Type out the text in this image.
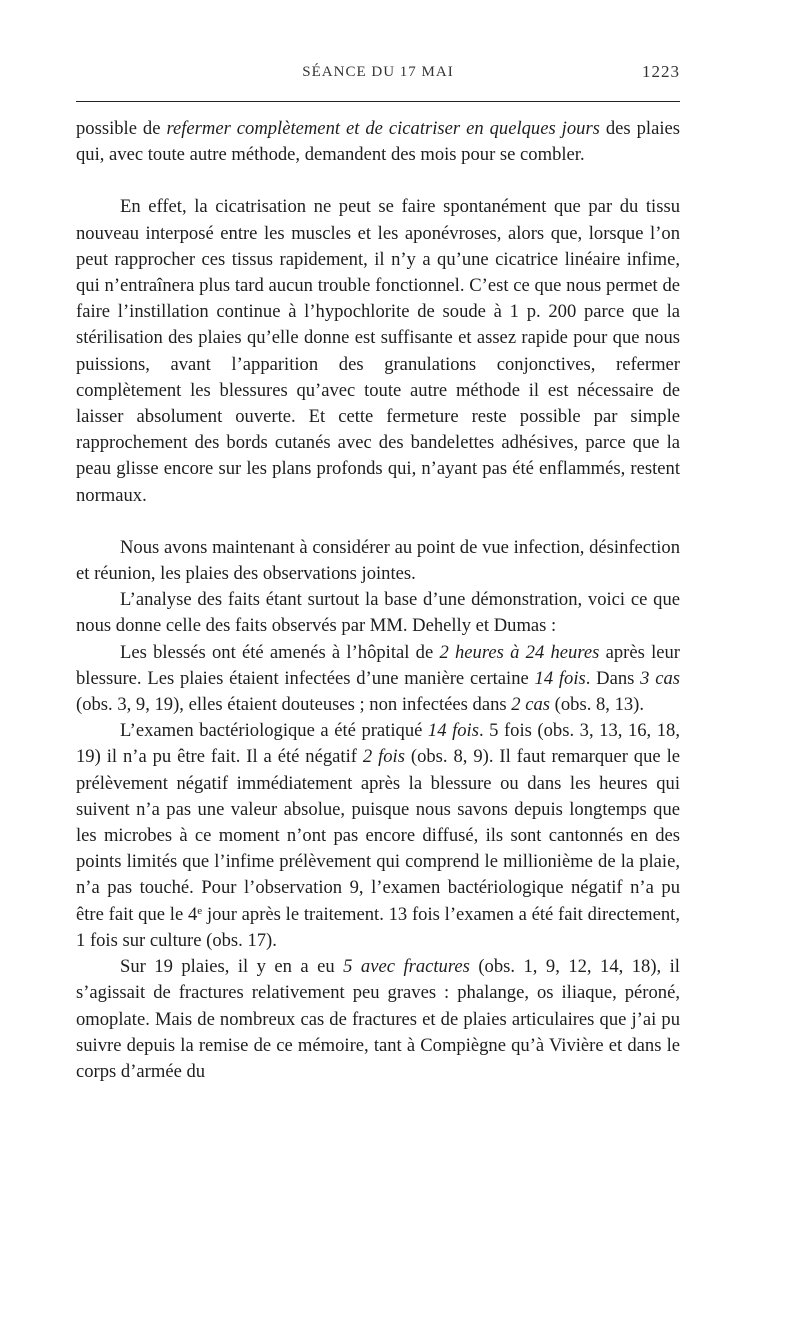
SÉANCE DU 17 MAI	1223

possible de refermer complètement et de cicatriser en quelques jours des plaies qui, avec toute autre méthode, demandent des mois pour se combler.

En effet, la cicatrisation ne peut se faire spontanément que par du tissu nouveau interposé entre les muscles et les aponévroses, alors que, lorsque l’on peut rapprocher ces tissus rapidement, il n’y a qu’une cicatrice linéaire infime, qui n’entraînera plus tard aucun trouble fonctionnel. C’est ce que nous permet de faire l’instillation continue à l’hypochlorite de soude à 1 p. 200 parce que la stérilisation des plaies qu’elle donne est suffisante et assez rapide pour que nous puissions, avant l’apparition des granulations conjonctives, refermer complètement les blessures qu’avec toute autre méthode il est nécessaire de laisser absolument ouverte. Et cette fermeture reste possible par simple rapprochement des bords cutanés avec des bandelettes adhésives, parce que la peau glisse encore sur les plans profonds qui, n’ayant pas été enflammés, restent normaux.

Nous avons maintenant à considérer au point de vue infection, désinfection et réunion, les plaies des observations jointes.

L’analyse des faits étant surtout la base d’une démonstration, voici ce que nous donne celle des faits observés par MM. Dehelly et Dumas :

Les blessés ont été amenés à l’hôpital de 2 heures à 24 heures après leur blessure. Les plaies étaient infectées d’une manière certaine 14 fois. Dans 3 cas (obs. 3, 9, 19), elles étaient douteuses ; non infectées dans 2 cas (obs. 8, 13).

L’examen bactériologique a été pratiqué 14 fois. 5 fois (obs. 3, 13, 16, 18, 19) il n’a pu être fait. Il a été négatif 2 fois (obs. 8, 9). Il faut remarquer que le prélèvement négatif immédiatement après la blessure ou dans les heures qui suivent n’a pas une valeur absolue, puisque nous savons depuis longtemps que les microbes à ce moment n’ont pas encore diffusé, ils sont cantonnés en des points limités que l’infime prélèvement qui comprend le millionième de la plaie, n’a pas touché. Pour l’observation 9, l’examen bactériologique négatif n’a pu être fait que le 4e jour après le traitement. 13 fois l’examen a été fait directement, 1 fois sur culture (obs. 17).

Sur 19 plaies, il y en a eu 5 avec fractures (obs. 1, 9, 12, 14, 18), il s’agissait de fractures relativement peu graves : phalange, os iliaque, péroné, omoplate. Mais de nombreux cas de fractures et de plaies articulaires que j’ai pu suivre depuis la remise de ce mémoire, tant à Compiègne qu’à Vivière et dans le corps d’armée du
